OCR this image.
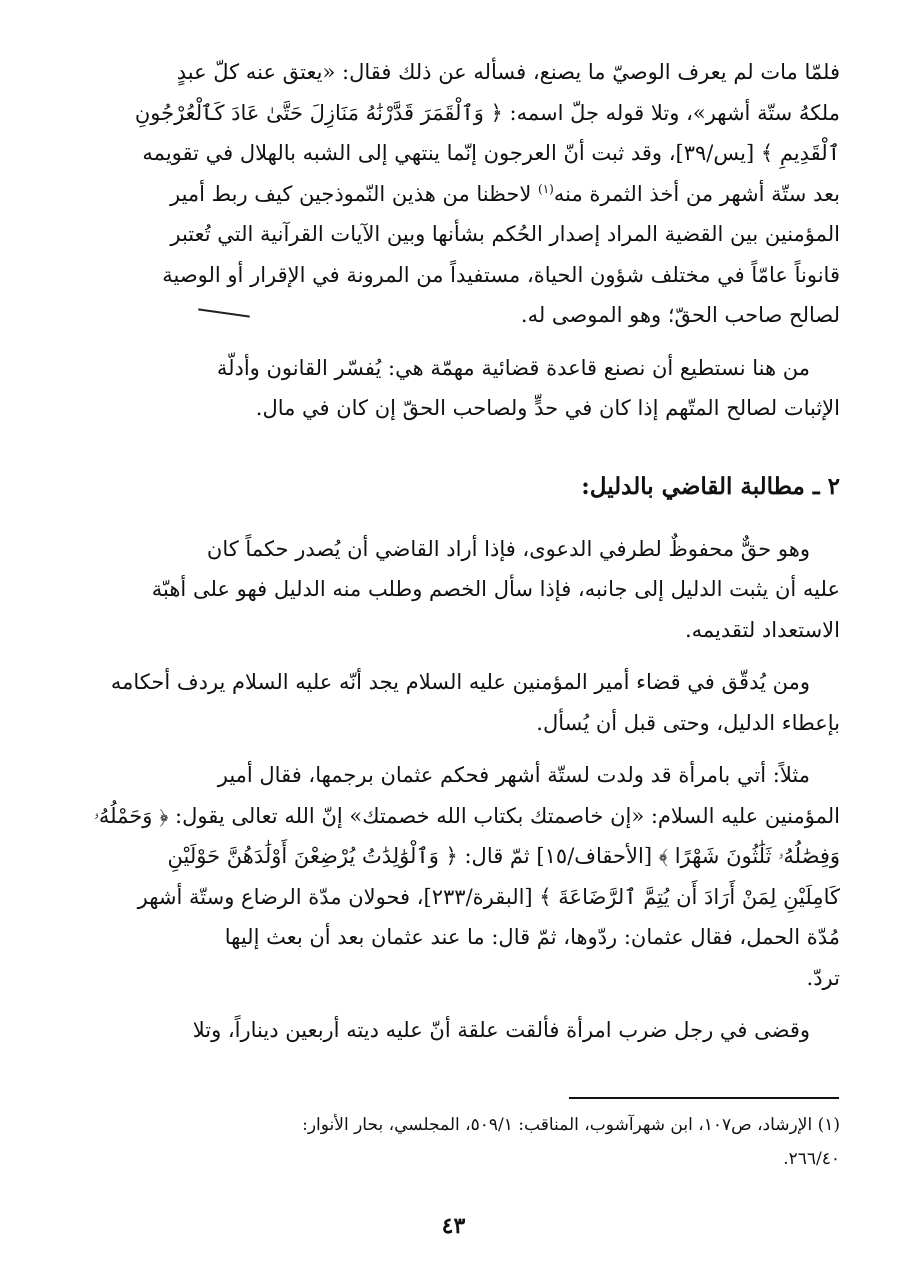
فلمّا مات لم يعرف الوصيّ ما يصنع، فسأله عن ذلك فقال: «يعتق عنه كلّ عبدٍ

ملكهُ ستّة أشهر»، وتلا قوله جلّ اسمه: ﴿ وَٱلْقَمَرَ قَدَّرْنَٰهُ مَنَازِلَ حَتَّىٰ عَادَ كَٱلْعُرْجُونِ

ٱلْقَدِيمِ ﴾ [يس/٣٩]، وقد ثبت أنّ العرجون إنّما ينتهي إلى الشبه بالهلال في تقويمه

بعد ستّة أشهر من أخذ الثمرة منه$^{(١)}$ لاحظنا من هذين النّموذجين كيف ربط أمير

المؤمنين بين القضية المراد إصدار الحُكم بشأنها وبين الآيات القرآنية التي تُعتبر

قانوناً عامّاً في مختلف شؤون الحياة، مستفيداً من المرونة في الإقرار أو الوصية

لصالح صاحب الحقّ؛ وهو الموصى له.

من هنا نستطيع أن نصنع قاعدة قضائية مهمّة هي: يُفسّر القانون وأدلّة

الإثبات لصالح المتّهم إذا كان في حدٍّ ولصاحب الحقّ إن كان في مال.

٢ ـ مطالبة القاضي بالدليل:

وهو حقٌّ محفوظٌ لطرفي الدعوى، فإذا أراد القاضي أن يُصدر حكماً كان

عليه أن يثبت الدليل إلى جانبه، فإذا سأل الخصم وطلب منه الدليل فهو على أهبّة

الاستعداد لتقديمه.

ومن يُدقّق في قضاء أمير المؤمنين عليه السلام يجد أنّه عليه السلام يردف أحكامه

بإعطاء الدليل، وحتى قبل أن يُسأل.

مثلاً: أتي بامرأة قد ولدت لستّة أشهر فحكم عثمان برجمها، فقال أمير

المؤمنين عليه السلام: «إن خاصمتك بكتاب الله خصمتك» إنّ الله تعالى يقول: ﴿ وَحَمْلُهُۥ

وَفِصَٰلُهُۥ ثَلَٰثُونَ شَهْرًا ﴾ [الأحقاف/١٥] ثمّ قال: ﴿ وَٱلْوَٰلِدَٰتُ يُرْضِعْنَ أَوْلَٰدَهُنَّ حَوْلَيْنِ

كَامِلَيْنِ لِمَنْ أَرَادَ أَن يُتِمَّ ٱلرَّضَاعَةَ ﴾ [البقرة/٢٣٣]، فحولان مدّة الرضاع وستّة أشهر

مُدّة الحمل، فقال عثمان: ردّوها، ثمّ قال: ما عند عثمان بعد أن بعث إليها

تردّ.

وقضى في رجل ضرب امرأة فألقت علقة أنّ عليه ديته أربعين ديناراً، وتلا

(١) الإرشاد، ص١٠٧، ابن شهرآشوب، المناقب: ٥٠٩/١، المجلسي، بحار الأنوار:

٢٦٦/٤٠.

٤٣
